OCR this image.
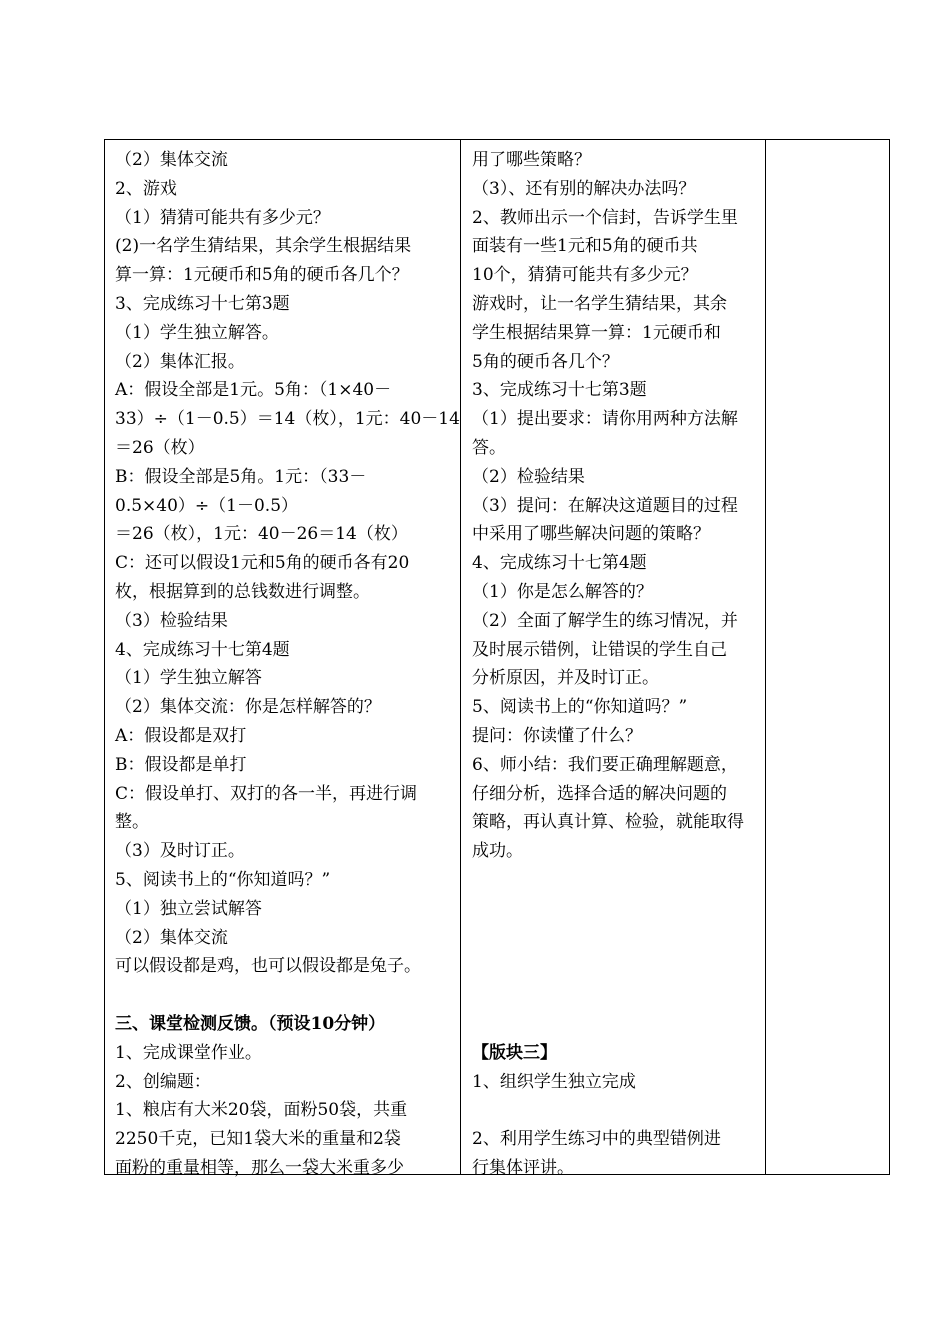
（2）集体交流
2、游戏
（1）猜猜可能共有多少元？
(2)一名学生猜结果，其余学生根据结果
算一算：1元硬币和5角的硬币各几个？
3、完成练习十七第3题
（1）学生独立解答。
（2）集体汇报。
A：假设全部是1元。5角：（1×40－
33）÷（1－0.5）＝14（枚），1元：40－14
＝26（枚）
B：假设全部是5角。1元：（33－
0.5×40）÷（1－0.5）
＝26（枚），1元：40－26＝14（枚）
C：还可以假设1元和5角的硬币各有20
枚，根据算到的总钱数进行调整。
（3）检验结果
4、完成练习十七第4题
（1）学生独立解答
（2）集体交流：你是怎样解答的？
A：假设都是双打
B：假设都是单打
C：假设单打、双打的各一半，再进行调
整。
（3）及时订正。
5、阅读书上的“你知道吗？”
（1）独立尝试解答
（2）集体交流
可以假设都是鸡，也可以假设都是兔子。
三、课堂检测反馈。（预设10分钟）
1、完成课堂作业。
2、创编题：
1、粮店有大米20袋，面粉50袋，共重
2250千克，已知1袋大米的重量和2袋
面粉的重量相等，那么一袋大米重多少
用了哪些策略？
（3）、还有别的解决办法吗？
2、教师出示一个信封，告诉学生里
面装有一些1元和5角的硬币共
10个，猜猜可能共有多少元？
游戏时，让一名学生猜结果，其余
学生根据结果算一算：1元硬币和
5角的硬币各几个？
3、完成练习十七第3题
（1）提出要求：请你用两种方法解
答。
（2）检验结果
（3）提问：在解决这道题目的过程
中采用了哪些解决问题的策略？
4、完成练习十七第4题
（1）你是怎么解答的？
（2）全面了解学生的练习情况，并
及时展示错例，让错误的学生自己
分析原因，并及时订正。
5、阅读书上的“你知道吗？”
提问：你读懂了什么？
6、师小结：我们要正确理解题意，
仔细分析，选择合适的解决问题的
策略，再认真计算、检验，就能取得
成功。
【版块三】
1、组织学生独立完成
2、利用学生练习中的典型错例进
行集体评讲。
